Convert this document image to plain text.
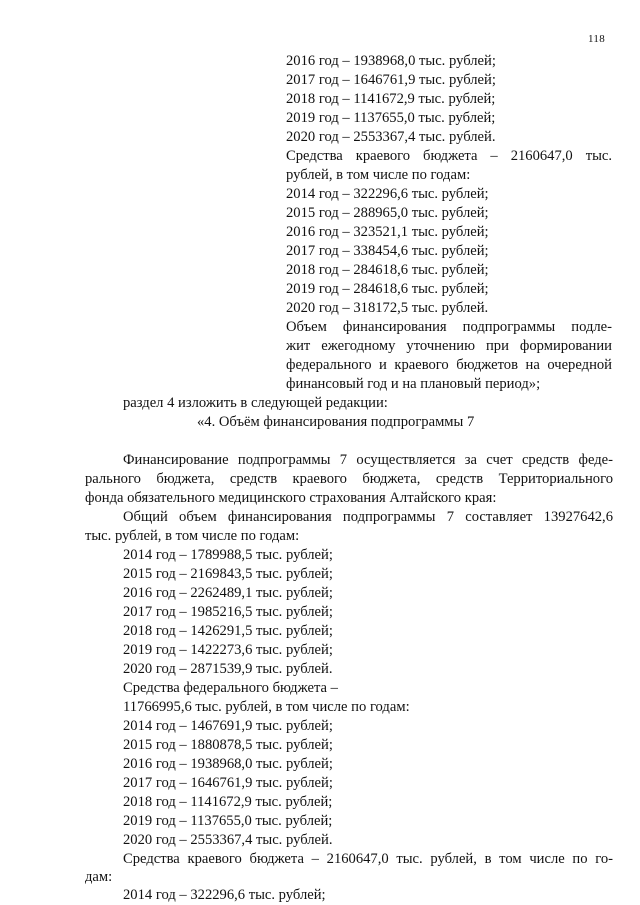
118
2016 год – 1938968,0 тыс. рублей;
2017 год – 1646761,9 тыс. рублей;
2018 год – 1141672,9 тыс. рублей;
2019 год – 1137655,0 тыс. рублей;
2020 год – 2553367,4 тыс. рублей.
Средства краевого бюджета – 2160647,0 тыс.
рублей, в том числе по годам:
2014 год – 322296,6 тыс. рублей;
2015 год – 288965,0 тыс. рублей;
2016 год – 323521,1 тыс. рублей;
2017 год – 338454,6 тыс. рублей;
2018 год – 284618,6 тыс. рублей;
2019 год – 284618,6 тыс. рублей;
2020 год – 318172,5 тыс. рублей.
Объем финансирования подпрограммы подле-
жит ежегодному уточнению при формировании
федерального и краевого бюджетов на очередной
финансовый год и на плановый период»;
раздел 4 изложить в следующей редакции:
«4. Объём финансирования подпрограммы 7
Финансирование подпрограммы 7 осуществляется за счет средств феде-
рального бюджета, средств краевого бюджета, средств Территориального
фонда обязательного медицинского страхования Алтайского края:
Общий объем финансирования подпрограммы 7 составляет 13927642,6
тыс. рублей, в том числе по годам:
2014 год – 1789988,5 тыс. рублей;
2015 год – 2169843,5 тыс. рублей;
2016 год – 2262489,1 тыс. рублей;
2017 год – 1985216,5 тыс. рублей;
2018 год – 1426291,5 тыс. рублей;
2019 год – 1422273,6 тыс. рублей;
2020 год – 2871539,9 тыс. рублей.
Средства федерального бюджета –
11766995,6 тыс. рублей, в том числе по годам:
2014 год – 1467691,9 тыс. рублей;
2015 год – 1880878,5 тыс. рублей;
2016 год – 1938968,0 тыс. рублей;
2017 год – 1646761,9 тыс. рублей;
2018 год – 1141672,9 тыс. рублей;
2019 год – 1137655,0 тыс. рублей;
2020 год – 2553367,4 тыс. рублей.
Средства краевого бюджета – 2160647,0 тыс. рублей, в том числе по го-
дам:
2014 год – 322296,6 тыс. рублей;
